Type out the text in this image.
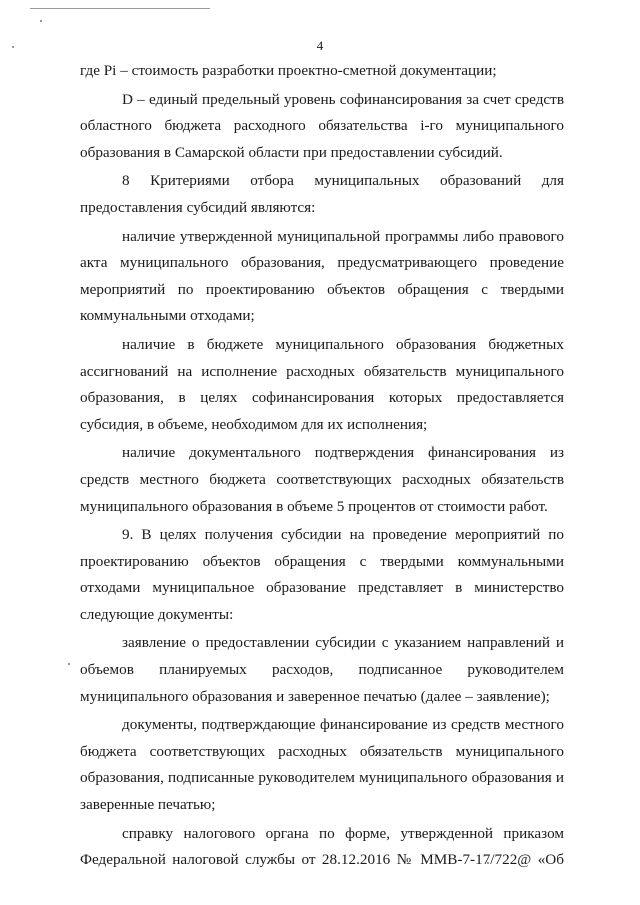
4
где Pi – стоимость разработки проектно-сметной документации;
D – единый предельный уровень софинансирования за счет средств
областного бюджета расходного обязательства i-го муниципального
образования в Самарской области при предоставлении субсидий.
8 Критериями отбора муниципальных образований для
предоставления субсидий являются:
наличие утвержденной муниципальной программы либо правового
акта муниципального образования, предусматривающего проведение
мероприятий по проектированию объектов обращения с твердыми
коммунальными отходами;
наличие в бюджете муниципального образования бюджетных
ассигнований на исполнение расходных обязательств муниципального
образования, в целях софинансирования которых предоставляется
субсидия, в объеме, необходимом для их исполнения;
наличие документального подтверждения финансирования из
средств местного бюджета соответствующих расходных обязательств
муниципального образования в объеме 5 процентов от стоимости работ.
9. В целях получения субсидии на проведение мероприятий по
проектированию объектов обращения с твердыми коммунальными
отходами муниципальное образование представляет в министерство
следующие документы:
заявление о предоставлении субсидии с указанием направлений и
объемов планируемых расходов, подписанное руководителем
муниципального образования и заверенное печатью (далее – заявление);
документы, подтверждающие финансирование из средств местного
бюджета соответствующих расходных обязательств муниципального
образования, подписанные руководителем муниципального образования и
заверенные печатью;
справку налогового органа по форме, утвержденной приказом
Федеральной налоговой службы от 28.12.2016 № ММВ-7-17/722@ «Об
